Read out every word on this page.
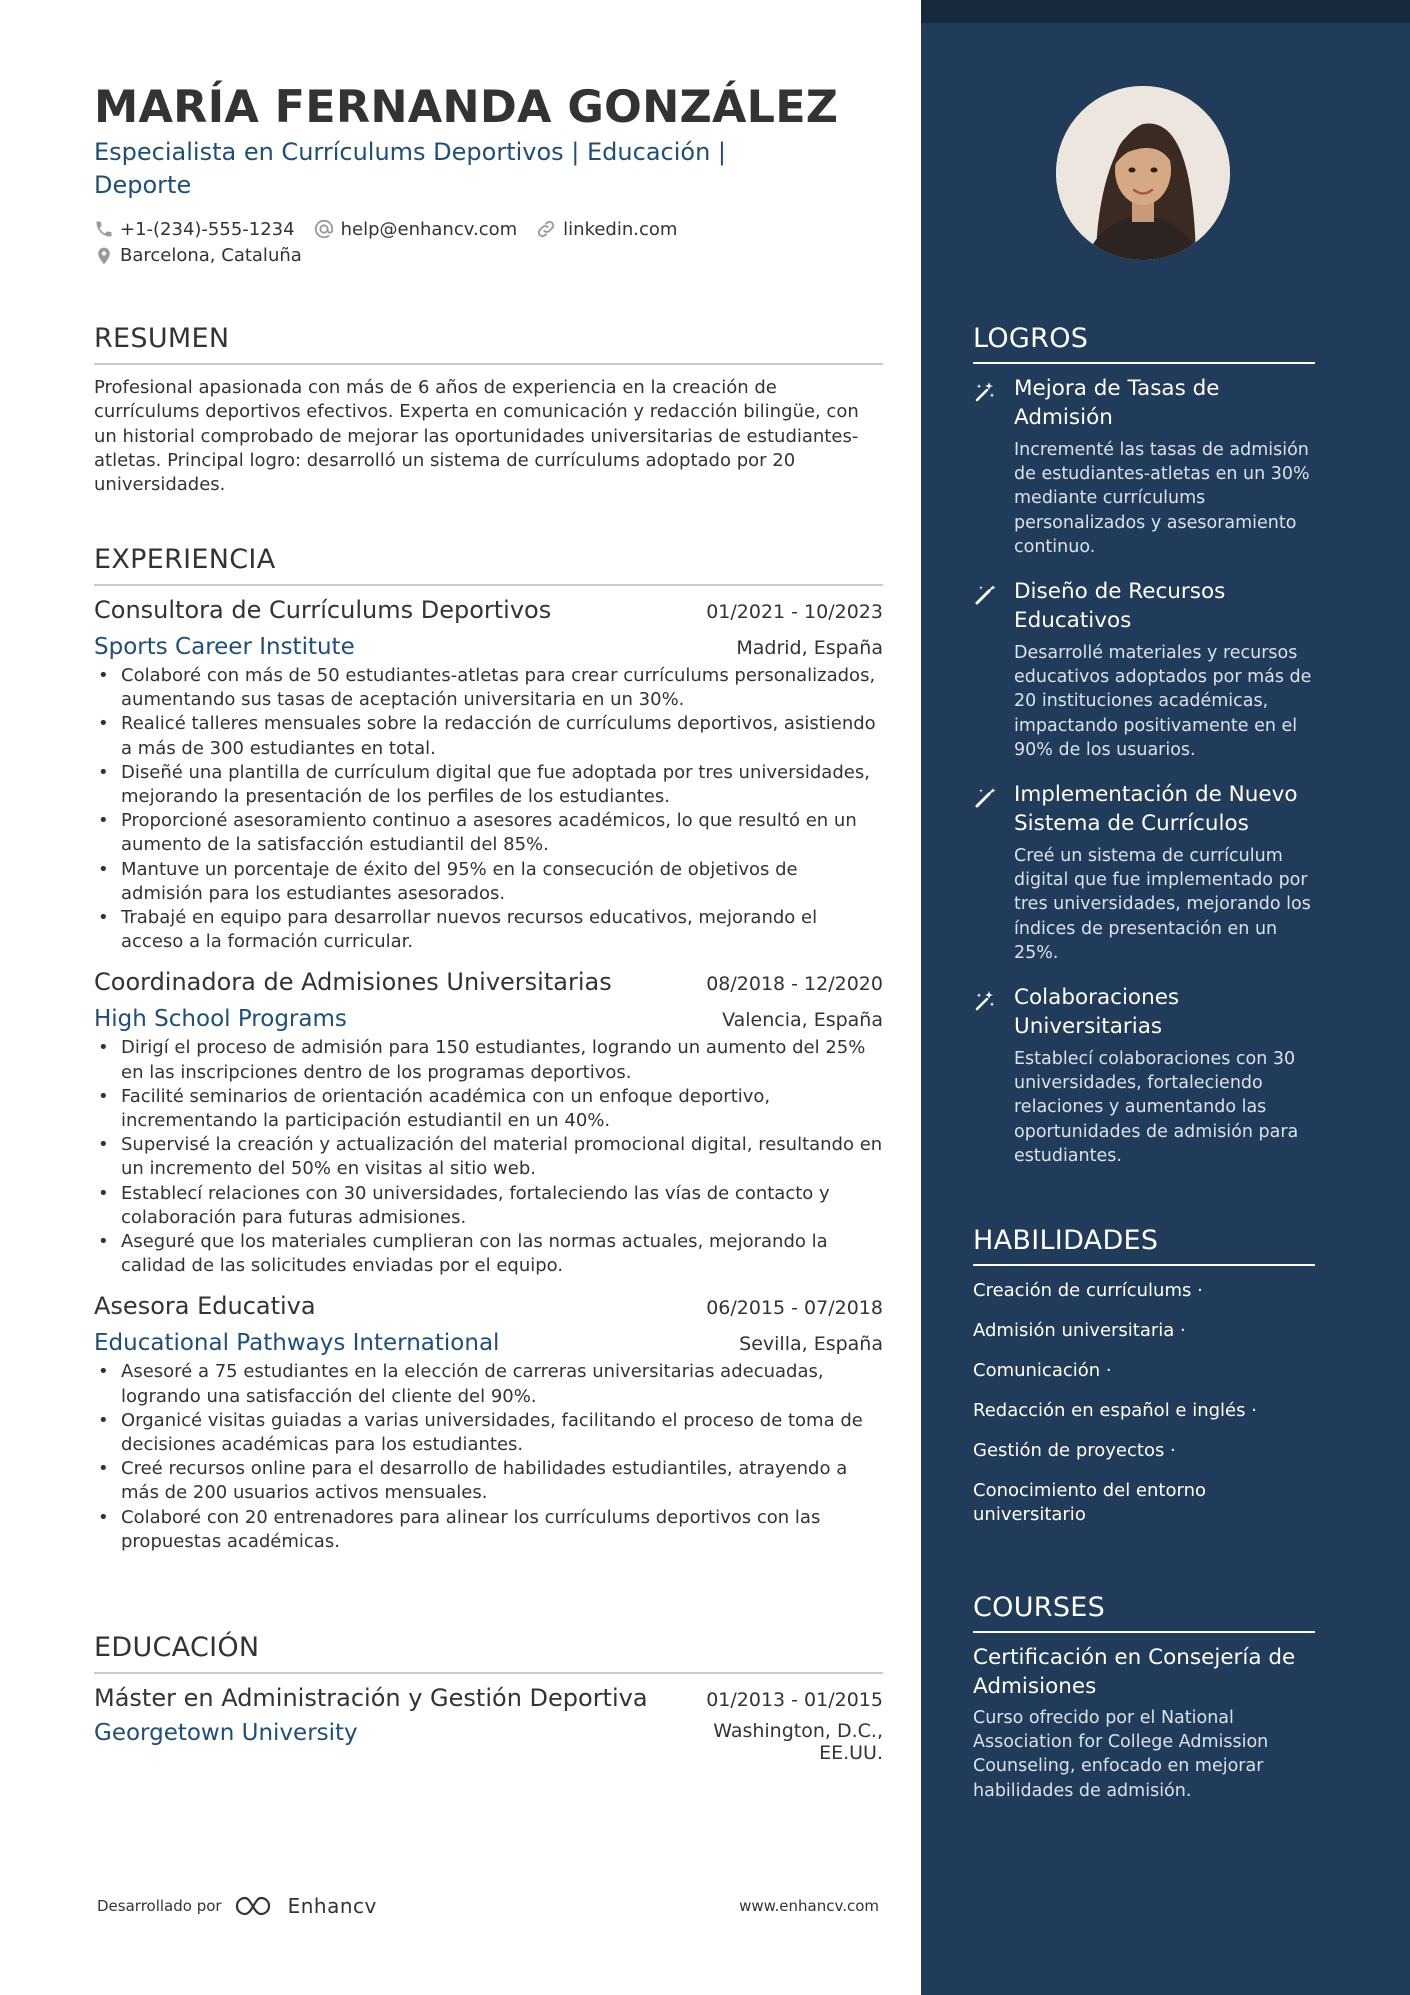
MARÍA FERNANDA GONZÁLEZ
Especialista en Currículums Deportivos | Educación | Deporte
+1-(234)-555-1234	help@enhancv.com	linkedin.com
Barcelona, Cataluña
RESUMEN
Profesional apasionada con más de 6 años de experiencia en la creación de currículums deportivos efectivos. Experta en comunicación y redacción bilingüe, con un historial comprobado de mejorar las oportunidades universitarias de estudiantes-atletas. Principal logro: desarrolló un sistema de currículums adoptado por 20 universidades.
EXPERIENCIA
Consultora de Currículums Deportivos	01/2021 - 10/2023
Sports Career Institute	Madrid, España
• Colaboré con más de 50 estudiantes-atletas para crear currículums personalizados, aumentando sus tasas de aceptación universitaria en un 30%.
• Realicé talleres mensuales sobre la redacción de currículums deportivos, asistiendo a más de 300 estudiantes en total.
• Diseñé una plantilla de currículum digital que fue adoptada por tres universidades, mejorando la presentación de los perfiles de los estudiantes.
• Proporcioné asesoramiento continuo a asesores académicos, lo que resultó en un aumento de la satisfacción estudiantil del 85%.
• Mantuve un porcentaje de éxito del 95% en la consecución de objetivos de admisión para los estudiantes asesorados.
• Trabajé en equipo para desarrollar nuevos recursos educativos, mejorando el acceso a la formación curricular.
Coordinadora de Admisiones Universitarias	08/2018 - 12/2020
High School Programs	Valencia, España
• Dirigí el proceso de admisión para 150 estudiantes, logrando un aumento del 25% en las inscripciones dentro de los programas deportivos.
• Facilité seminarios de orientación académica con un enfoque deportivo, incrementando la participación estudiantil en un 40%.
• Supervisé la creación y actualización del material promocional digital, resultando en un incremento del 50% en visitas al sitio web.
• Establecí relaciones con 30 universidades, fortaleciendo las vías de contacto y colaboración para futuras admisiones.
• Aseguré que los materiales cumplieran con las normas actuales, mejorando la calidad de las solicitudes enviadas por el equipo.
Asesora Educativa	06/2015 - 07/2018
Educational Pathways International	Sevilla, España
• Asesoré a 75 estudiantes en la elección de carreras universitarias adecuadas, logrando una satisfacción del cliente del 90%.
• Organicé visitas guiadas a varias universidades, facilitando el proceso de toma de decisiones académicas para los estudiantes.
• Creé recursos online para el desarrollo de habilidades estudiantiles, atrayendo a más de 200 usuarios activos mensuales.
• Colaboré con 20 entrenadores para alinear los currículums deportivos con las propuestas académicas.
EDUCACIÓN
Máster en Administración y Gestión Deportiva	01/2013 - 01/2015
Georgetown University	Washington, D.C.,
EE.UU.
Desarrollado por	Enhancv	www.enhancv.com
LOGROS
Mejora de Tasas de Admisión
Incrementé las tasas de admisión de estudiantes-atletas en un 30% mediante currículums personalizados y asesoramiento continuo.
Diseño de Recursos Educativos
Desarrollé materiales y recursos educativos adoptados por más de 20 instituciones académicas, impactando positivamente en el 90% de los usuarios.
Implementación de Nuevo Sistema de Currículos
Creé un sistema de currículum digital que fue implementado por tres universidades, mejorando los índices de presentación en un 25%.
Colaboraciones Universitarias
Establecí colaboraciones con 30 universidades, fortaleciendo relaciones y aumentando las oportunidades de admisión para estudiantes.
HABILIDADES
Creación de currículums ·
Admisión universitaria ·
Comunicación ·
Redacción en español e inglés ·
Gestión de proyectos ·
Conocimiento del entorno universitario
COURSES
Certificación en Consejería de Admisiones
Curso ofrecido por el National Association for College Admission Counseling, enfocado en mejorar habilidades de admisión.
